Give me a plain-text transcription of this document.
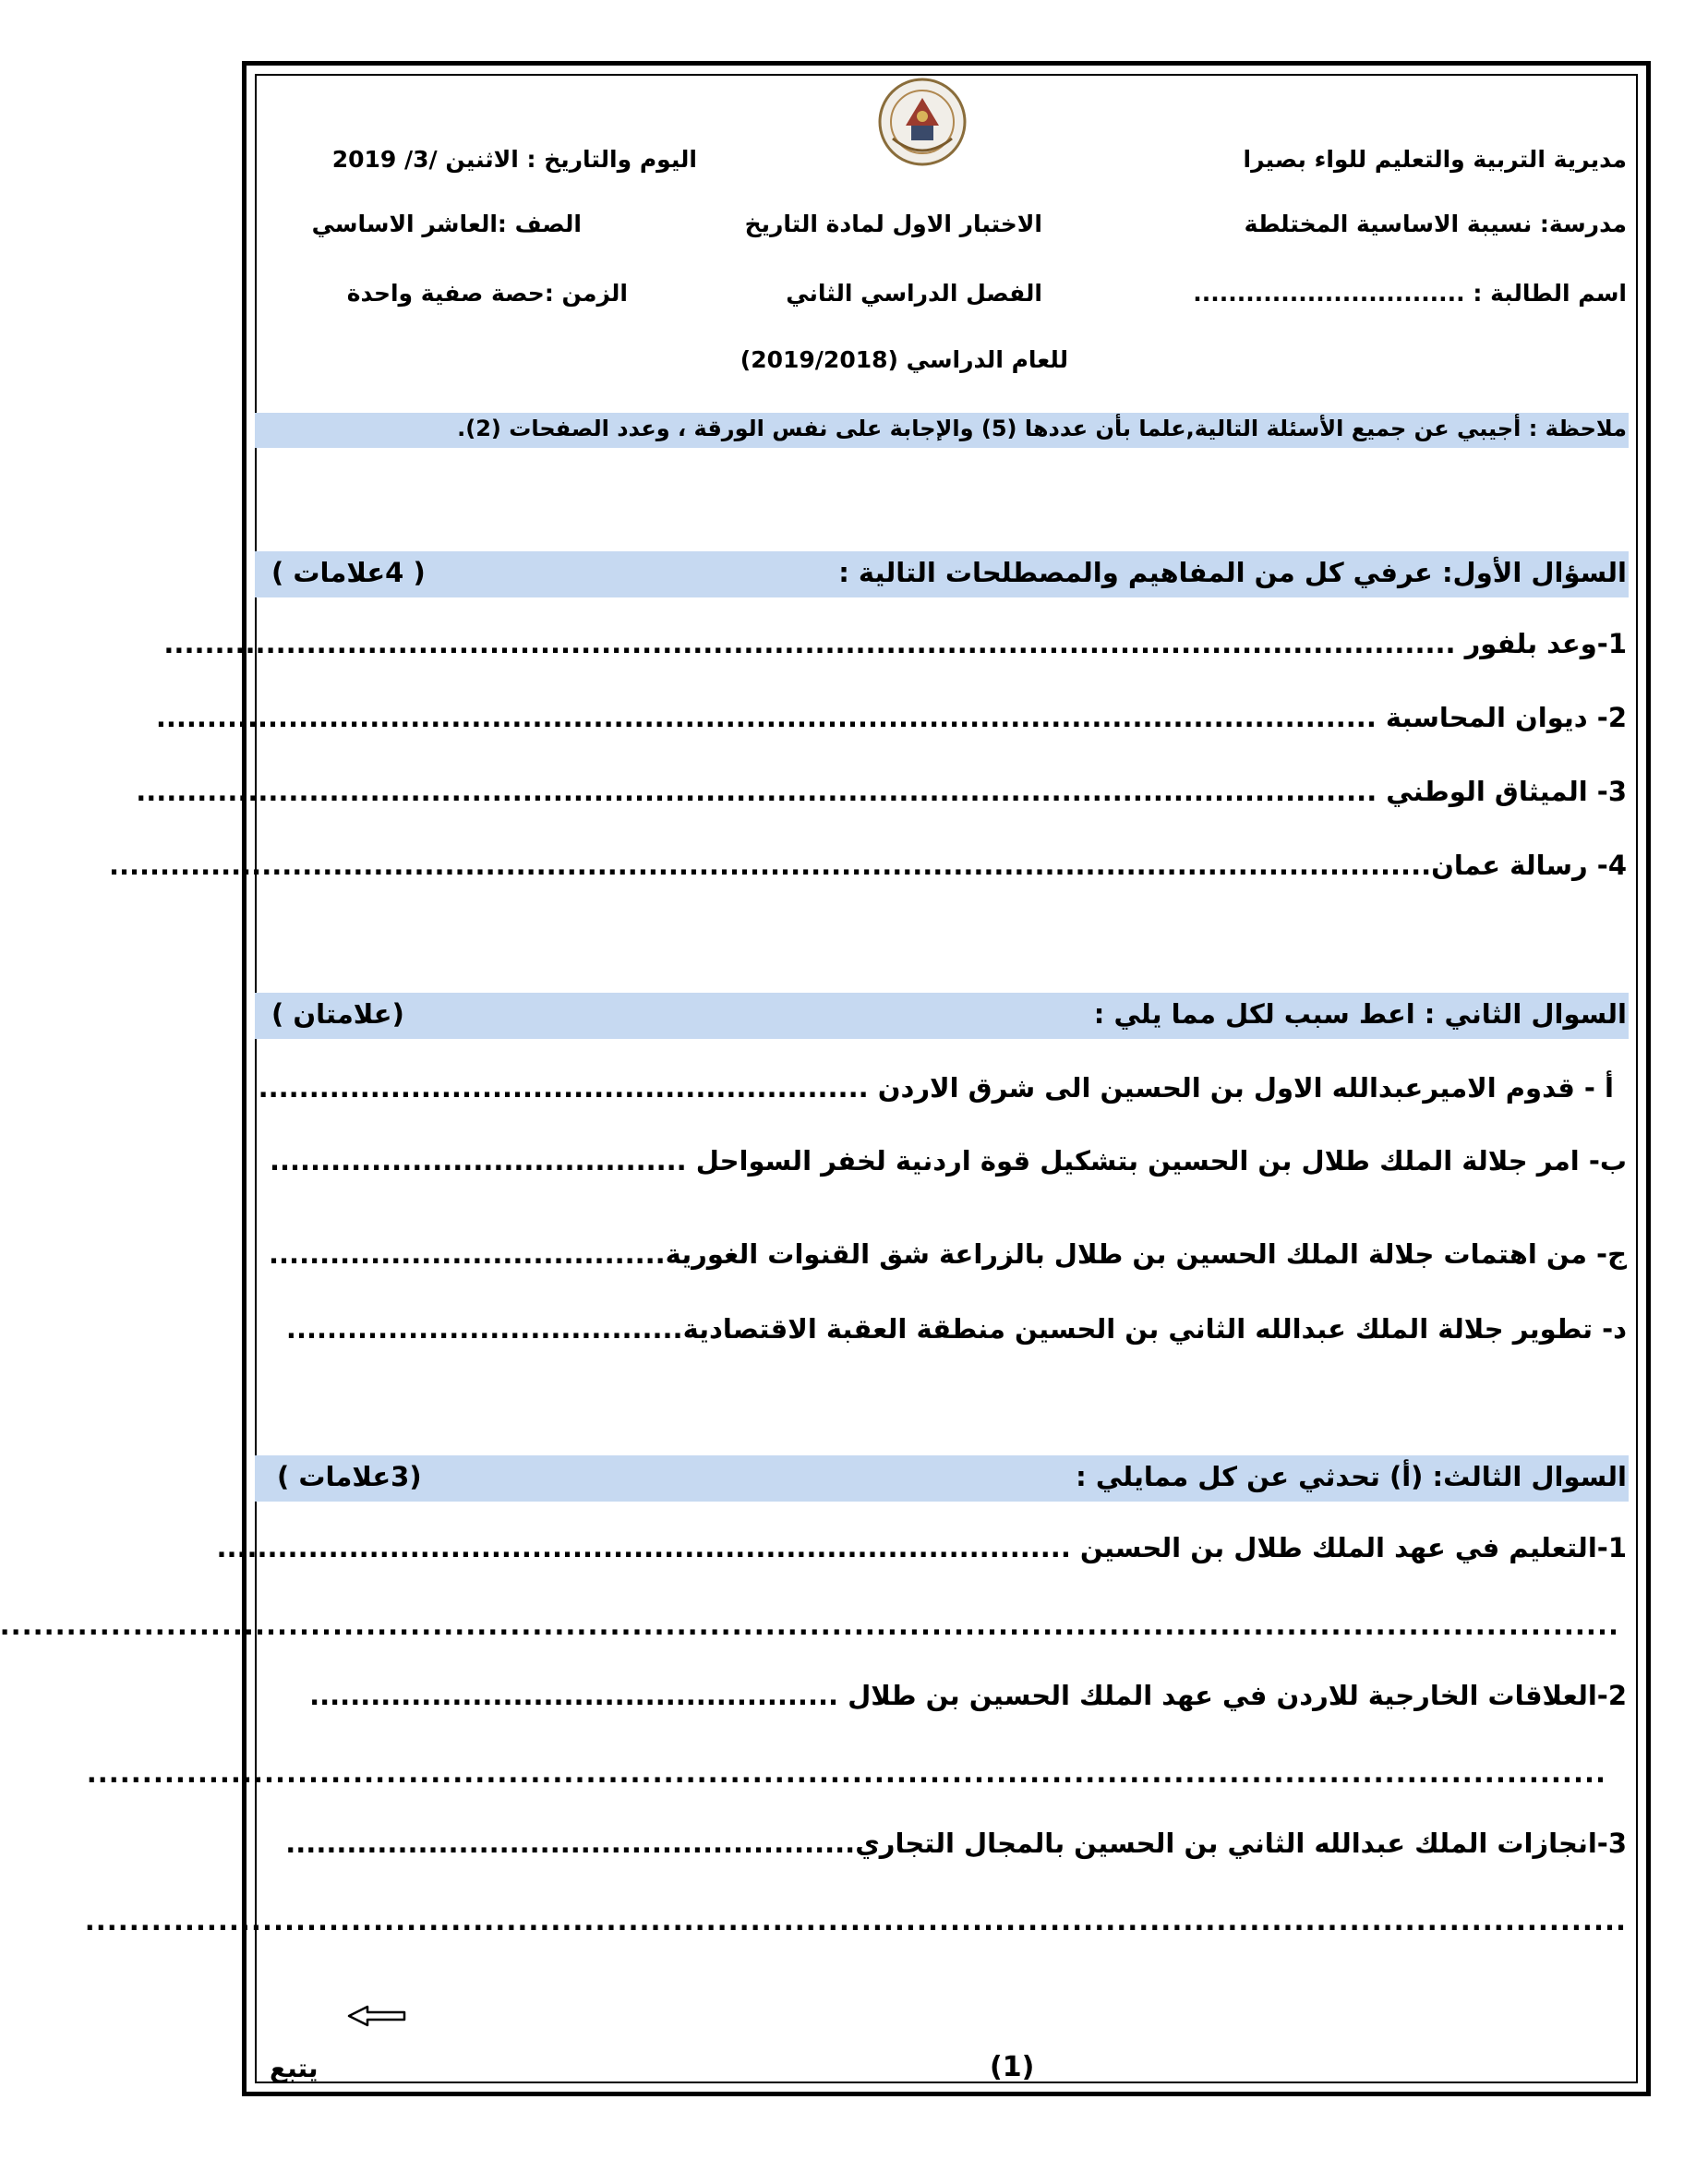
مديرية التربية والتعليم للواء بصيرا
اليوم والتاريخ : الاثنين /3/ 2019
مدرسة: نسيبة الاساسية المختلطة
الاختبار الاول لمادة التاريخ
الصف :العاشر الاساسي
اسم الطالبة : ...............................
الفصل الدراسي الثاني
الزمن :حصة صفية واحدة
للعام الدراسي (2019/2018)
ملاحظة : أجيبي عن جميع الأسئلة التالية,علما بأن عددها (5) والإجابة على نفس الورقة ، وعدد الصفحات (2).
السؤال الأول: عرفي كل من المفاهيم والمصطلحات التالية :
( 4علامات )
1-وعد بلفور ...............................................................................................................................
2- ديوان المحاسبة ........................................................................................................................
3- الميثاق الوطني ..........................................................................................................................
4- رسالة عمان..................................................................................................................................
السوال الثاني : اعط سبب لكل مما يلي :
(علامتان )
أ - قدوم الاميرعبدالله الاول بن الحسين الى شرق الاردن ............................................................
ب- امر جلالة الملك طلال بن الحسين بتشكيل قوة اردنية لخفر السواحل .........................................
ج- من اهتمات جلالة الملك الحسين بن طلال بالزراعة شق القنوات الغورية.......................................
د- تطوير جلالة الملك عبدالله الثاني بن الحسين منطقة العقبة الاقتصادية.......................................
السوال الثالث: (أ) تحدثي عن كل ممايلي :
(3علامات )
1-التعليم في عهد الملك طلال بن الحسين ....................................................................................
..................................................................................................................................................
2-العلاقات الخارجية للاردن في عهد الملك الحسين بن طلال ....................................................
.........................................................................................................................................
3-انجازات الملك عبدالله الثاني بن الحسين بالمجال التجاري........................................................
...........................................................................................................................................
(1)
يتبع
